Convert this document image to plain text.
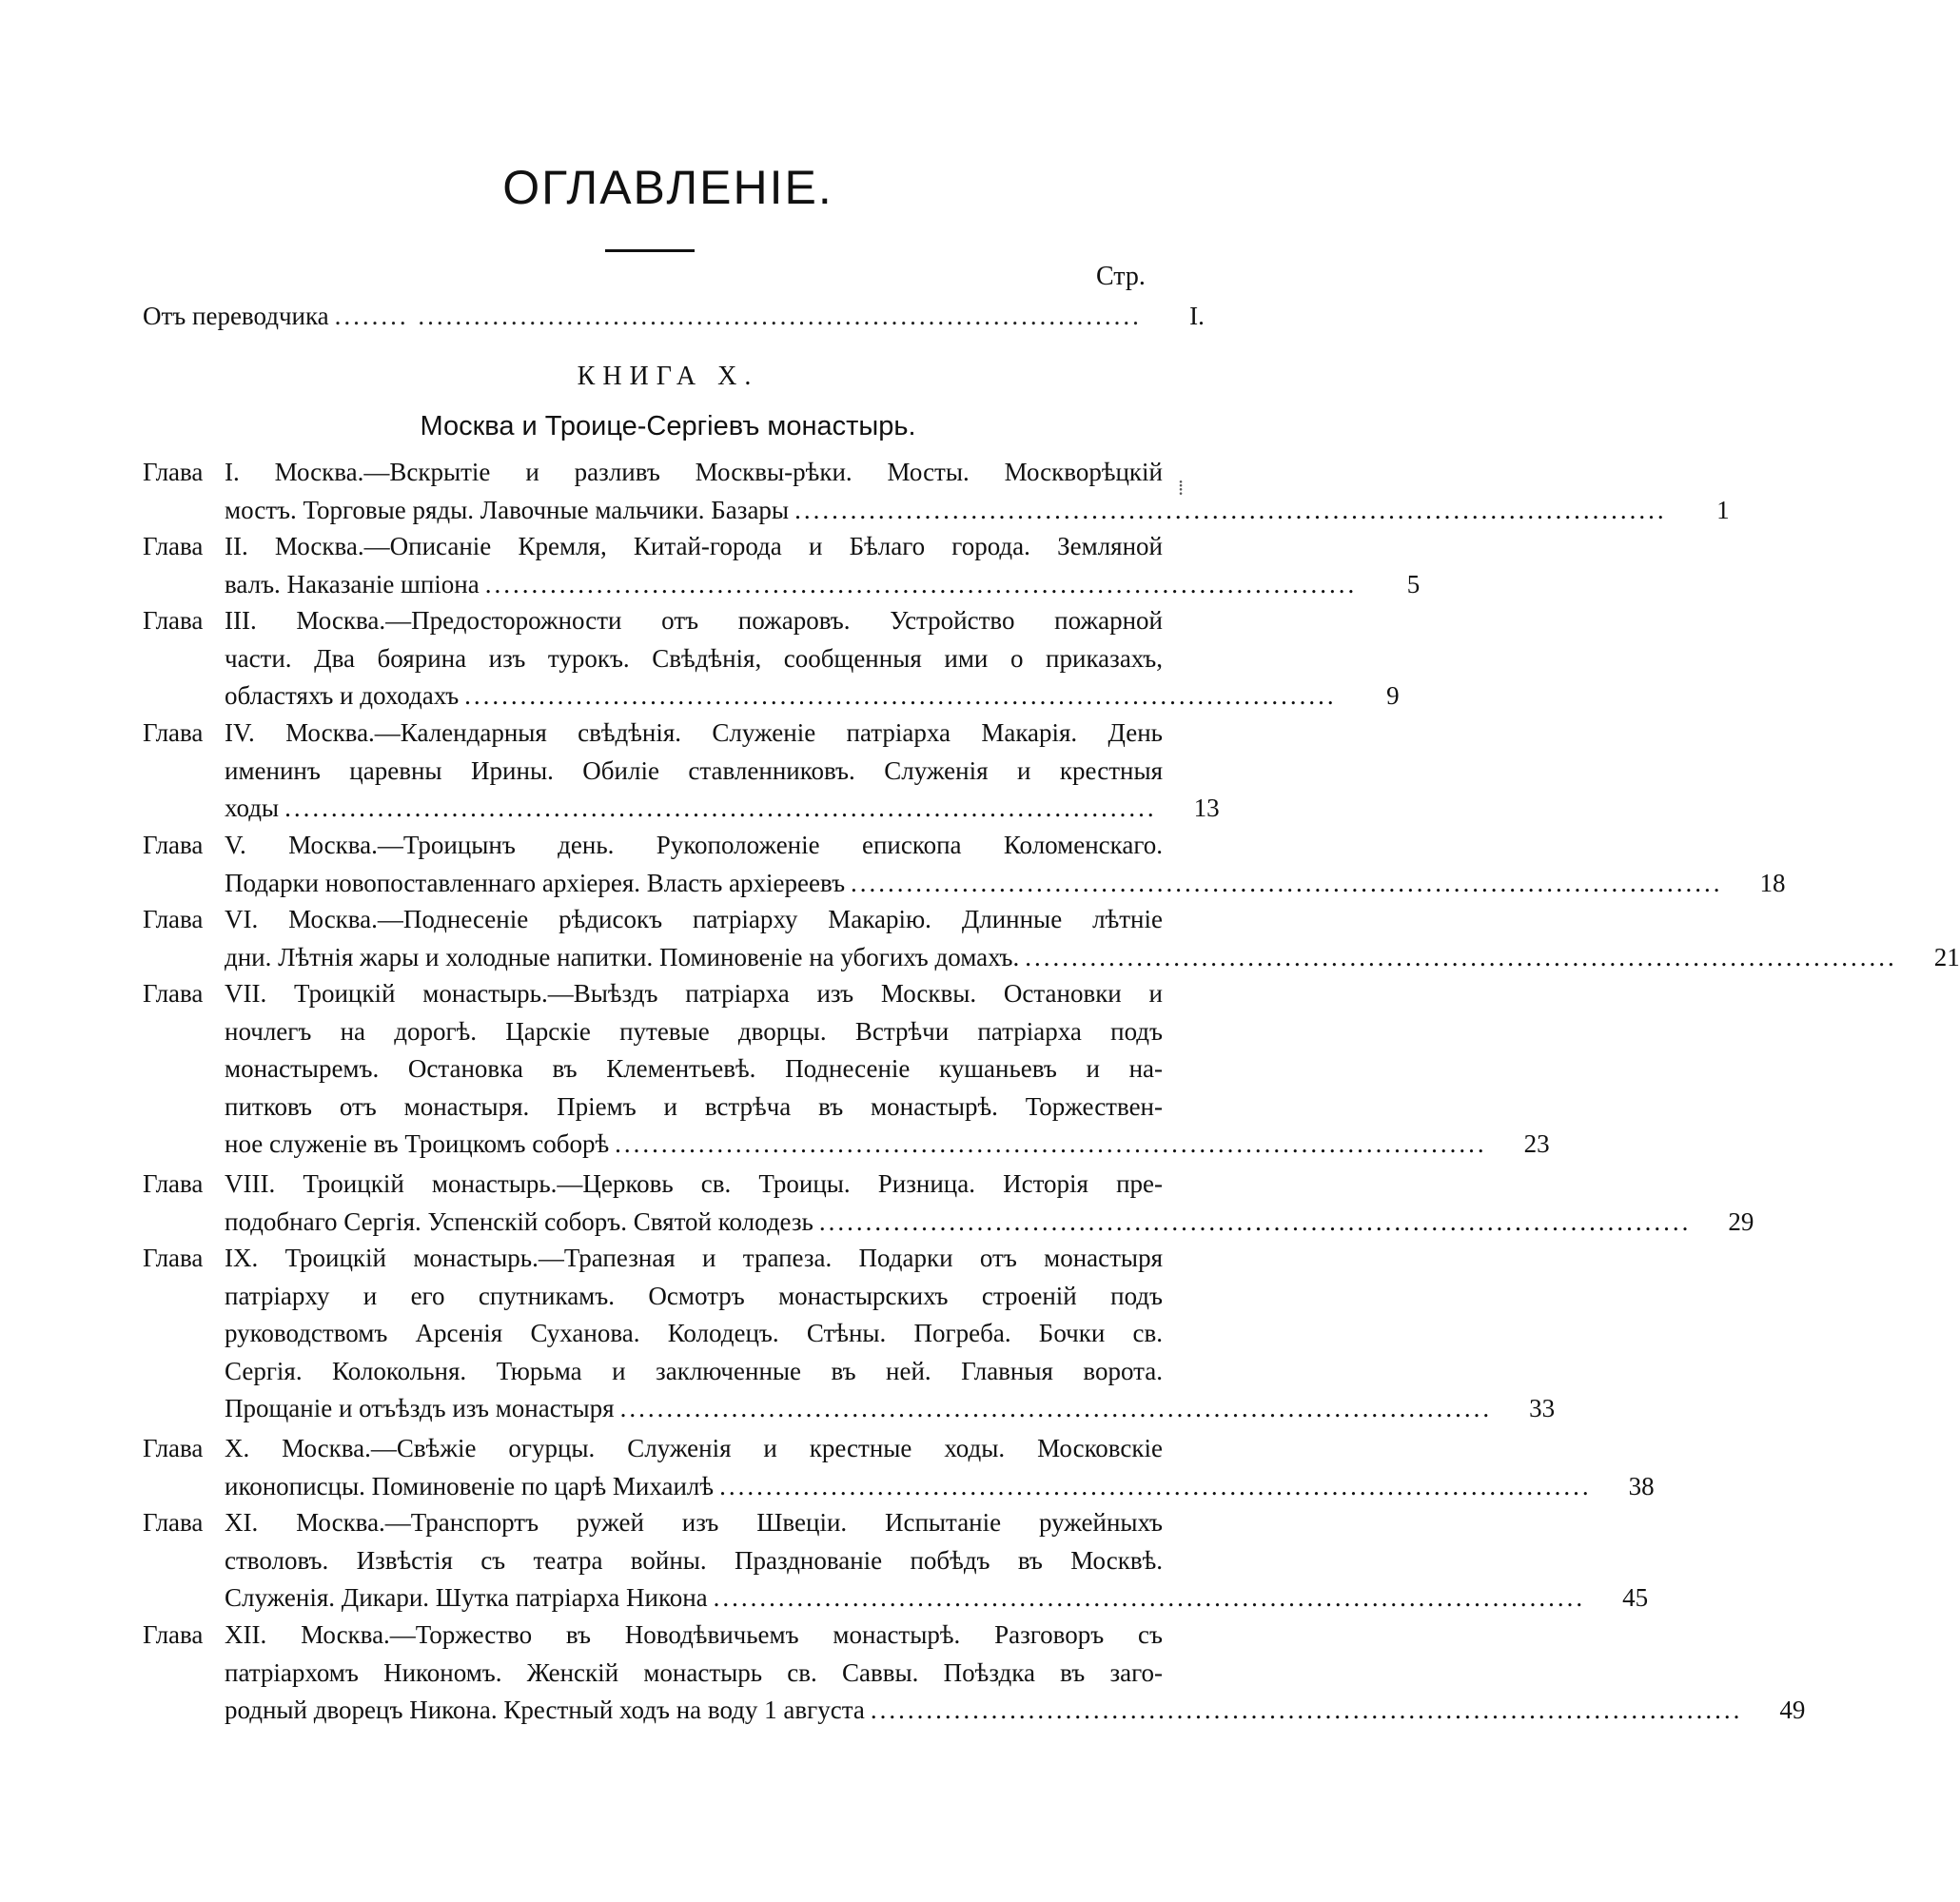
ОГЛАВЛЕНIЕ.
Стр.
Отъ переводчика ........ ..............................................................................	I.
КНИГА X.
Москва и Троице-Сергiевъ монастырь.
Глава I. Москва.—Вскрытiе и разливъ Москвы-рѣки. Мосты. Москворѣцкiй
мостъ. Торговые ряды. Лавочные мальчики. Базары ..............................................................................................	1
Глава II. Москва.—Описанiе Кремля, Китай-города и Бѣлаго города. Земляной
валъ. Наказанiе шпiона ..............................................................................................	5
Глава III. Москва.—Предосторожности отъ пожаровъ. Устройство пожарной
части. Два боярина изъ турокъ. Свѣдѣнiя, сообщенныя ими о приказахъ,
областяхъ и доходахъ ..............................................................................................	9
Глава IV. Москва.—Календарныя свѣдѣнiя. Служенiе патрiарха Макарiя. День
именинъ царевны Ирины. Обилiе ставленниковъ. Служенiя и крестныя
ходы ..............................................................................................	13
Глава V. Москва.—Троицынъ день. Рукоположенiе епископа Коломенскаго.
Подарки новопоставленнаго архiерея. Власть архiереевъ ..............................................................................................	18
Глава VI. Москва.—Поднесенiе рѣдисокъ патрiарху Макарiю. Длинные лѣтнiе
дни. Лѣтнiя жары и холодные напитки. Поминовенiе на убогихъ домахъ. ..............................................................................................	21
Глава VII. Троицкiй монастырь.—Выѣздъ патрiарха изъ Москвы. Остановки и
ночлегъ на дорогѣ. Царскiе путевые дворцы. Встрѣчи патрiарха подъ
монастыремъ. Остановка въ Клементьевѣ. Поднесенiе кушаньевъ и на-
питковъ отъ монастыря. Прiемъ и встрѣча въ монастырѣ. Торжествен-
ное служенiе въ Троицкомъ соборѣ ..............................................................................................	23
Глава VIII. Троицкiй монастырь.—Церковь св. Троицы. Ризница. Исторiя пре-
подобнаго Сергiя. Успенскiй соборъ. Святой колодезь ..............................................................................................	29
Глава IX. Троицкiй монастырь.—Трапезная и трапеза. Подарки отъ монастыря
патрiарху и его спутникамъ. Осмотръ монастырскихъ строенiй подъ
руководствомъ Арсенiя Суханова. Колодецъ. Стѣны. Погреба. Бочки св.
Сергiя. Колокольня. Тюрьма и заключенные въ ней. Главныя ворота.
Прощанiе и отъѣздъ изъ монастыря ..............................................................................................	33
Глава X. Москва.—Свѣжiе огурцы. Служенiя и крестные ходы. Московскiе
иконописцы. Поминовенiе по царѣ Михаилѣ ..............................................................................................	38
Глава XI. Москва.—Транспортъ ружей изъ Швецiи. Испытанiе ружейныхъ
стволовъ. Извѣстiя съ театра войны. Празднованiе побѣдъ въ Москвѣ.
Служенiя. Дикари. Шутка патрiарха Никона ..............................................................................................	45
Глава XII. Москва.—Торжество въ Новодѣвичьемъ монастырѣ. Разговоръ съ
патрiархомъ Никономъ. Женскiй монастырь св. Саввы. Поѣздка въ заго-
родный дворецъ Никона. Крестный ходъ на воду 1 августа ..............................................................................................	49
⁞
